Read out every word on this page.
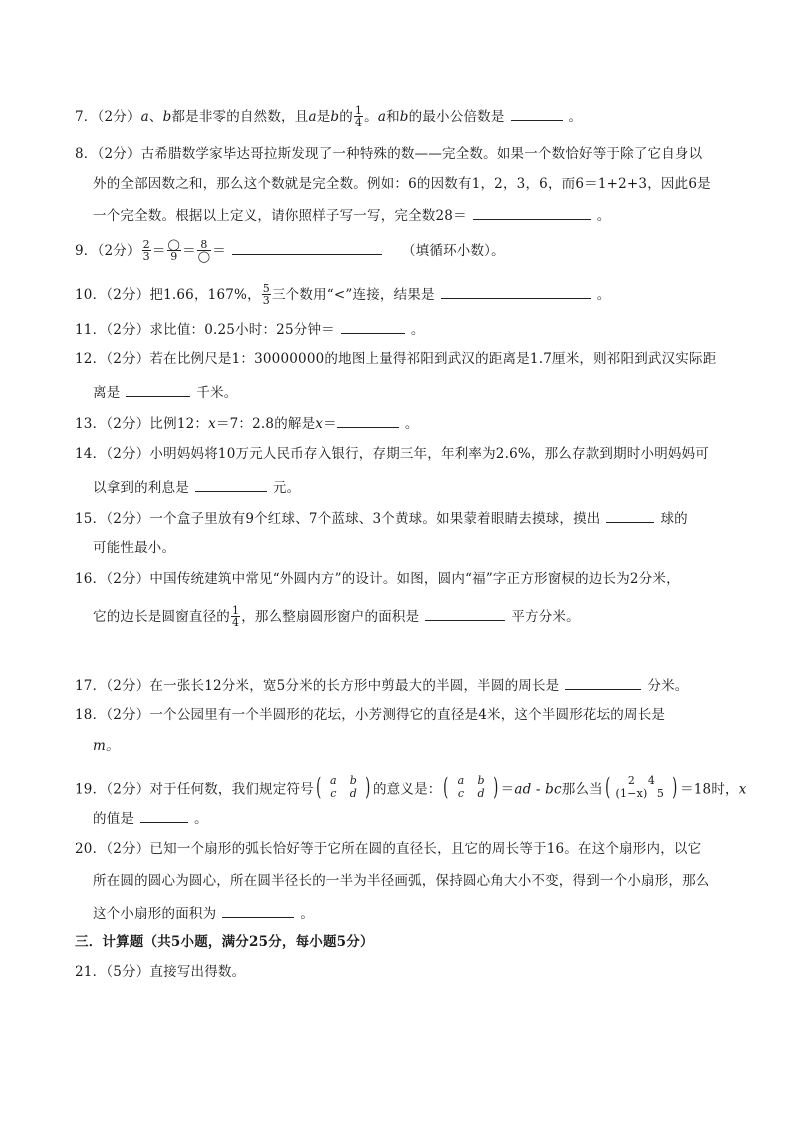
7．（2分）a、b都是非零的自然数，且a是b的 $\frac{1}{4}$ 。a和b的最小公倍数是	。
8．（2分）古希腊数学家毕达哥拉斯发现了一种特殊的数——完全数。如果一个数恰好等于除了它自身以
外的全部因数之和，那么这个数就是完全数。例如：6的因数有1，2，3，6，而6＝1+2+3，因此6是
一个完全数。根据以上定义，请你照样子写一写，完全数28＝	。
9．（2分） $\frac{2}{3} = \frac{◯}{9} = \frac{8}{◯}$ ＝	（填循环小数）。
10．（2分）把1.66，167%， $\frac{5}{3}$ 三个数用“<”连接，结果是	。
11．（2分）求比值：0.25小时：25分钟＝	。
12．（2分）若在比例尺是1：30000000的地图上量得祁阳到武汉的距离是1.7厘米，则祁阳到武汉实际距
离是	千米。
13．（2分）比例12：x＝7：2.8的解是x＝	。
14．（2分）小明妈妈将10万元人民币存入银行，存期三年，年利率为2.6%，那么存款到期时小明妈妈可
以拿到的利息是	元。
15．（2分）一个盒子里放有9个红球、7个蓝球、3个黄球。如果蒙着眼睛去摸球，摸出	球的
可能性最小。
16．（2分）中国传统建筑中常见“外圆内方”的设计。如图，圆内“福”字正方形窗棂的边长为2分米，
它的边长是圆窗直径的 $\frac{1}{4}$ ，那么整扇圆形窗户的面积是	平方分米。
17．（2分）在一张长12分米，宽5分米的长方形中剪最大的半圆，半圆的周长是	分米。
18．（2分）一个公园里有一个半圆形的花坛，小芳测得它的直径是4米，这个半圆形花坛的周长是
m。
19．（2分）对于任何数，我们规定符号( a b
c d ) 的意义是：( a b
c d ) ＝ad - bc那么当(	2 4
(1−x) 5 ) ＝18时，x
的值是	。
20．（2分）已知一个扇形的弧长恰好等于它所在圆的直径长，且它的周长等于16。在这个扇形内，以它
所在圆的圆心为圆心，所在圆半径长的一半为半径画弧，保持圆心角大小不变，得到一个小扇形，那么
这个小扇形的面积为	。
三．计算题（共5小题，满分25分，每小题5分）
21．（5分）直接写出得数。
